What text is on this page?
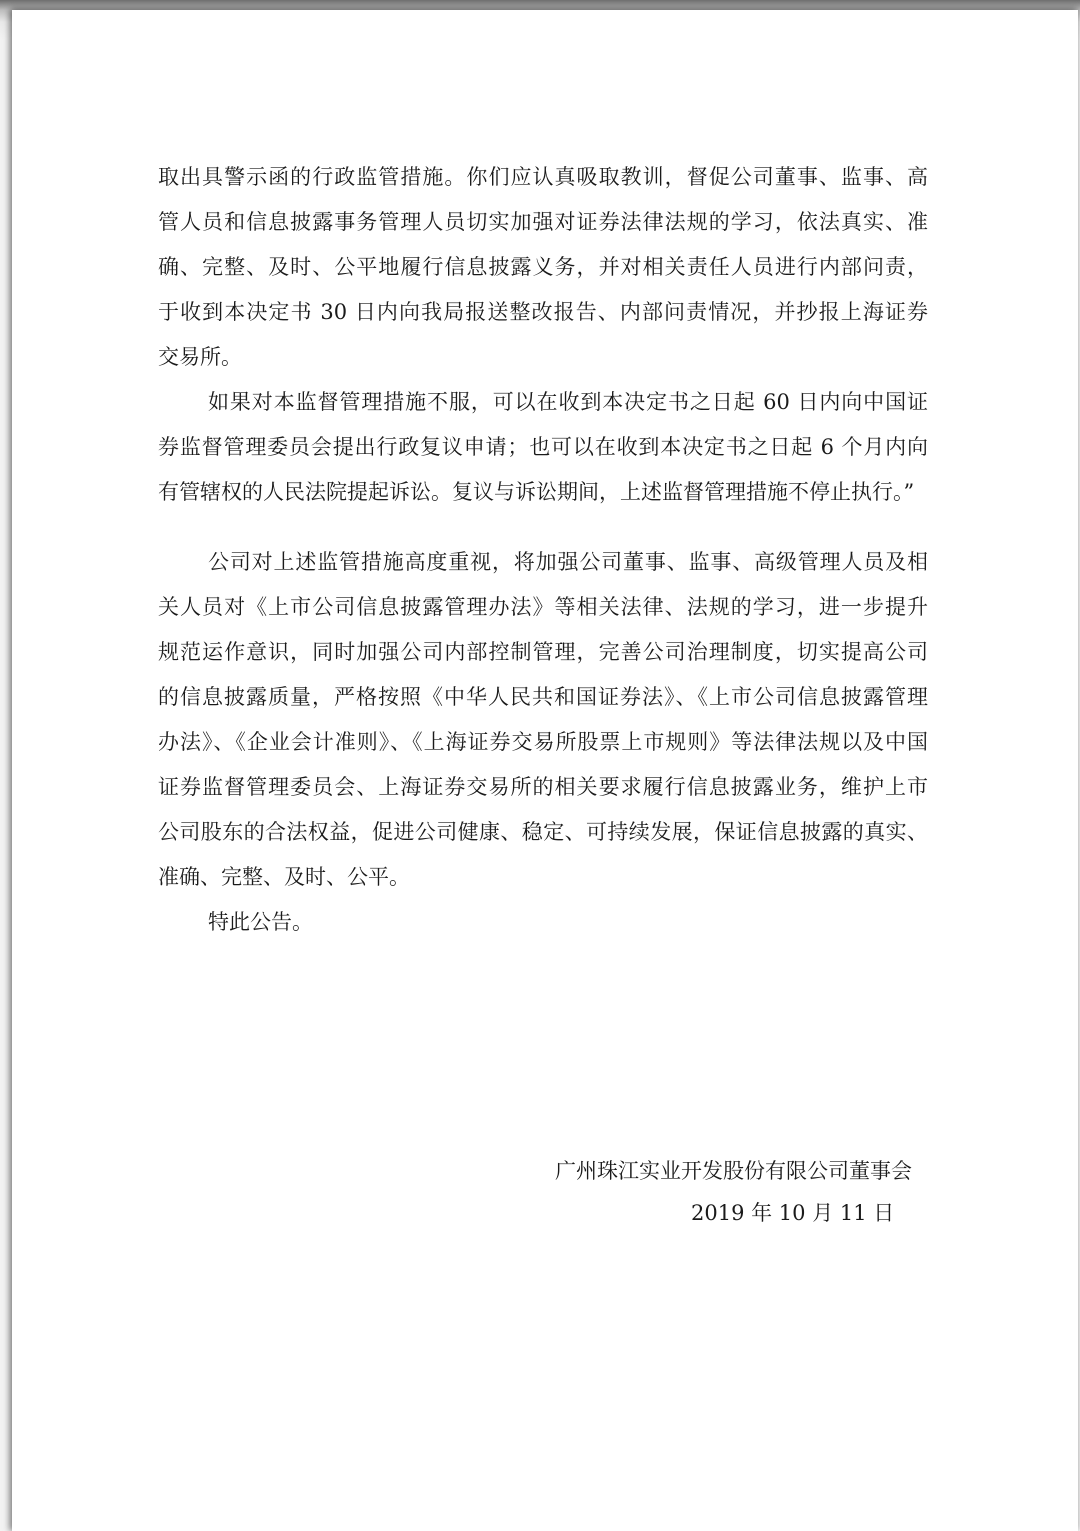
取出具警示函的行政监管措施。你们应认真吸取教训，督促公司董事、监事、高
管人员和信息披露事务管理人员切实加强对证券法律法规的学习，依法真实、准
确、完整、及时、公平地履行信息披露义务，并对相关责任人员进行内部问责，
于收到本决定书 30 日内向我局报送整改报告、内部问责情况，并抄报上海证券
交易所。
如果对本监督管理措施不服，可以在收到本决定书之日起 60 日内向中国证
券监督管理委员会提出行政复议申请；也可以在收到本决定书之日起 6 个月内向
有管辖权的人民法院提起诉讼。复议与诉讼期间，上述监督管理措施不停止执行。”
公司对上述监管措施高度重视，将加强公司董事、监事、高级管理人员及相
关人员对《上市公司信息披露管理办法》等相关法律、法规的学习，进一步提升
规范运作意识，同时加强公司内部控制管理，完善公司治理制度，切实提高公司
的信息披露质量，严格按照《中华人民共和国证券法》、《上市公司信息披露管理
办法》、《企业会计准则》、《上海证券交易所股票上市规则》等法律法规以及中国
证券监督管理委员会、上海证券交易所的相关要求履行信息披露业务，维护上市
公司股东的合法权益，促进公司健康、稳定、可持续发展，保证信息披露的真实、
准确、完整、及时、公平。
特此公告。
广州珠江实业开发股份有限公司董事会
2019 年 10 月 11 日
